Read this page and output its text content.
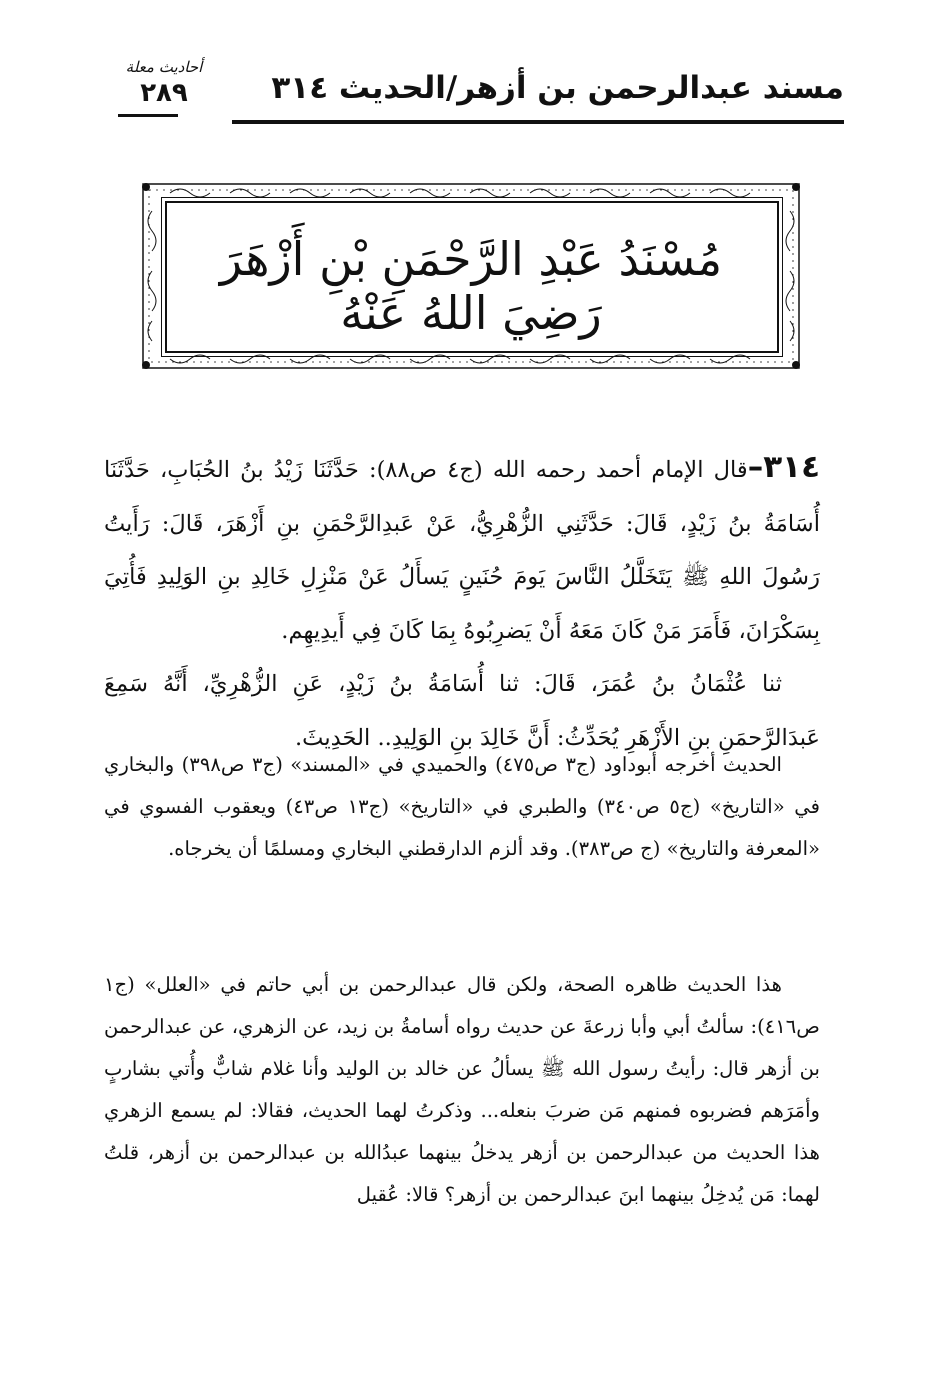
مسند عبدالرحمن بن أزهر/الحديث ٣١٤
أحاديث معلة
٢٨٩
مُسْنَدُ عَبْدِ الرَّحْمَنِ بْنِ أَزْهَرَ رَضِيَ اللهُ عَنْهُ

٣١٤–قال الإمام أحمد رحمه الله (ج٤ ص٨٨): حَدَّثَنَا زَيْدُ بنُ الحُبَابِ، حَدَّثَنَا أُسَامَةُ بنُ زَيْدٍ، قَالَ: حَدَّثَنِي الزُّهْرِيُّ، عَنْ عَبدِالرَّحْمَنِ بنِ أَزْهَرَ، قَالَ: رَأَيتُ رَسُولَ اللهِ ﷺ يَتَخَلَّلُ النَّاسَ يَومَ حُنَينٍ يَسأَلُ عَنْ مَنْزِلِ خَالِدِ بنِ الوَلِيدِ فَأُتِيَ بِسَكْرَانَ، فَأَمَرَ مَنْ كَانَ مَعَهُ أَنْ يَضرِبُوهُ بِمَا كَانَ فِي أَيدِيهِم.

ثنا عُثْمَانُ بنُ عُمَرَ، قَالَ: ثنا أُسَامَةُ بنُ زَيْدٍ، عَنِ الزُّهْرِيِّ، أَنَّهُ سَمِعَ عَبدَالرَّحمَنِ بنِ الأَزْهَرِ يُحَدِّثُ: أَنَّ خَالِدَ بنِ الوَلِيدِ.. الحَدِيثَ.

الحديث أخرجه أبوداود (ج٣ ص٤٧٥) والحميدي في «المسند» (ج٣ ص٣٩٨) والبخاري في «التاريخ» (ج٥ ص٣٤٠) والطبري في «التاريخ» (ج١٣ ص٤٣) ويعقوب الفسوي في «المعرفة والتاريخ» (ج ص٣٨٣). وقد ألزم الدارقطني البخاري ومسلمًا أن يخرجاه.

هذا الحديث ظاهره الصحة، ولكن قال عبدالرحمن بن أبي حاتم في «العلل» (ج١ ص٤١٦): سألتُ أبي وأبا زرعةَ عن حديث رواه أسامةُ بن زيد، عن الزهري، عن عبدالرحمن بن أزهر قال: رأيتُ رسول الله ﷺ يسألُ عن خالد بن الوليد وأنا غلام شابٌّ وأُتي بشاربٍ وأمَرَهم فضربوه فمنهم مَن ضربَ بنعله... وذكرتُ لهما الحديث، فقالا: لم يسمع الزهري هذا الحديث من عبدالرحمن بن أزهر يدخلُ بينهما عبدُالله بن عبدالرحمن بن أزهر، قلتُ لهما: مَن يُدخِلُ بينهما ابنَ عبدالرحمن بن أزهر؟ قالا: عُقيل
